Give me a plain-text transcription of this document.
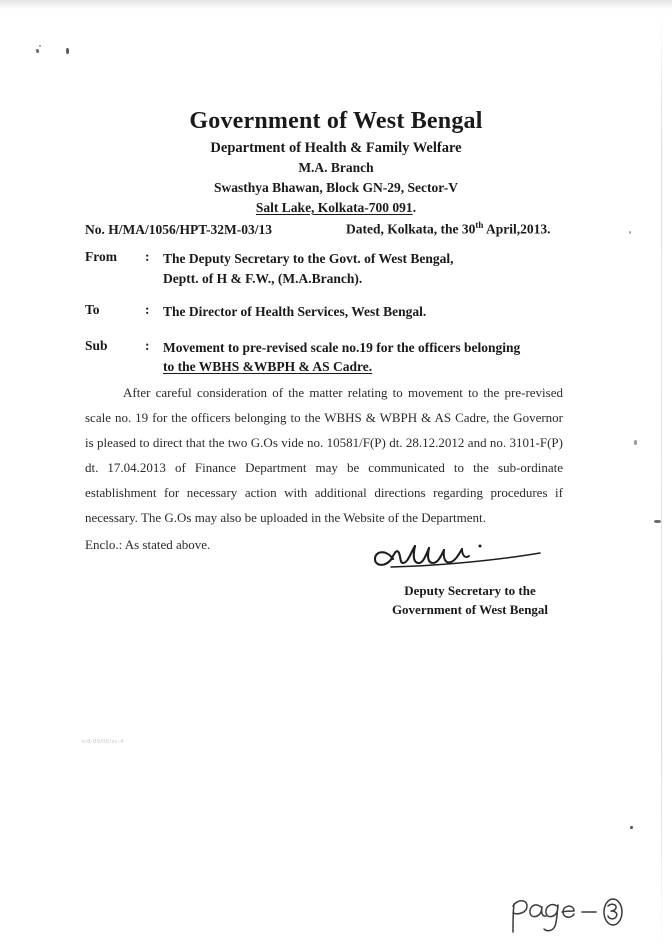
Government of West Bengal
Department of Health & Family Welfare
M.A. Branch
Swasthya Bhawan, Block GN-29, Sector-V
Salt Lake, Kolkata-700 091.
No. H/MA/1056/HPT-32M-03/13	Dated, Kolkata, the 30th April,2013.
From	:	The Deputy Secretary to the Govt. of West Bengal,
Deptt. of H & F.W., (M.A.Branch).
To	:	The Director of Health Services, West Bengal.
Sub	:	Movement to pre-revised scale no.19 for the officers belonging
to the WBHS &WBPH & AS Cadre.

After careful consideration of the matter relating to movement to the pre-revised scale no. 19 for the officers belonging to the WBHS & WBPH & AS Cadre, the Governor is pleased to direct that the two G.Os vide no. 10581/F(P) dt. 28.12.2012 and no. 3101-F(P) dt. 17.04.2013 of Finance Department may be communicated to the sub-ordinate establishment for necessary action with additional directions regarding procedures if necessary. The G.Os may also be uploaded in the Website of the Department.

Enclo.: As stated above.
Deputy Secretary to the
Government of West Bengal
s/d-09/06/sc-4
